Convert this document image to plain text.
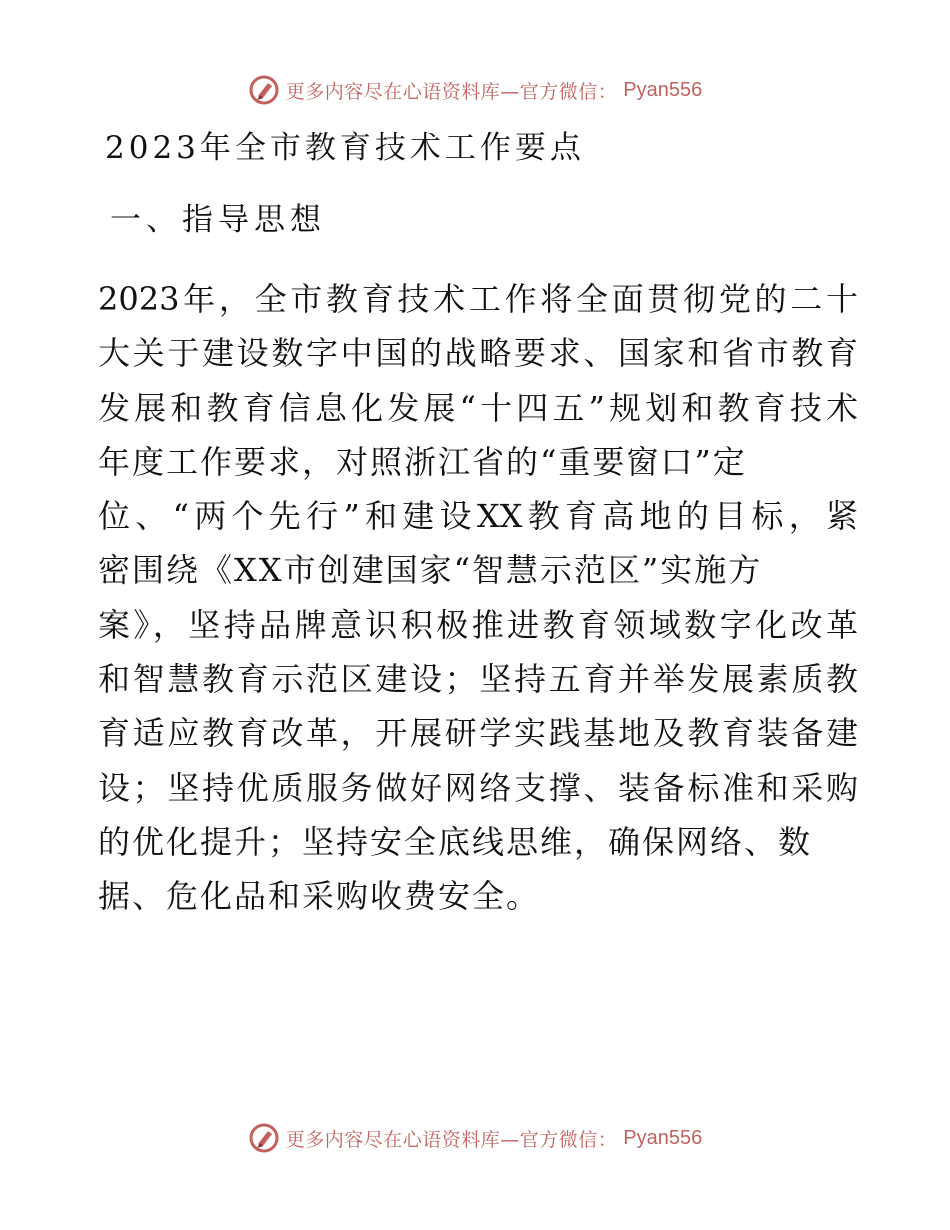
更多内容尽在心语资料库—官方微信： Pyan556
2023年全市教育技术工作要点
一、指导思想
2023年，全市教育技术工作将全面贯彻党的二十
大关于建设数字中国的战略要求、国家和省市教育
发展和教育信息化发展“十四五”规划和教育技术
年度工作要求，对照浙江省的“重要窗口”定
位、“两个先行”和建设XX教育高地的目标，紧
密围绕《XX市创建国家“智慧示范区”实施方
案》，坚持品牌意识积极推进教育领域数字化改革
和智慧教育示范区建设；坚持五育并举发展素质教
育适应教育改革，开展研学实践基地及教育装备建
设；坚持优质服务做好网络支撑、装备标准和采购
的优化提升；坚持安全底线思维，确保网络、数
据、危化品和采购收费安全。
更多内容尽在心语资料库—官方微信： Pyan556
